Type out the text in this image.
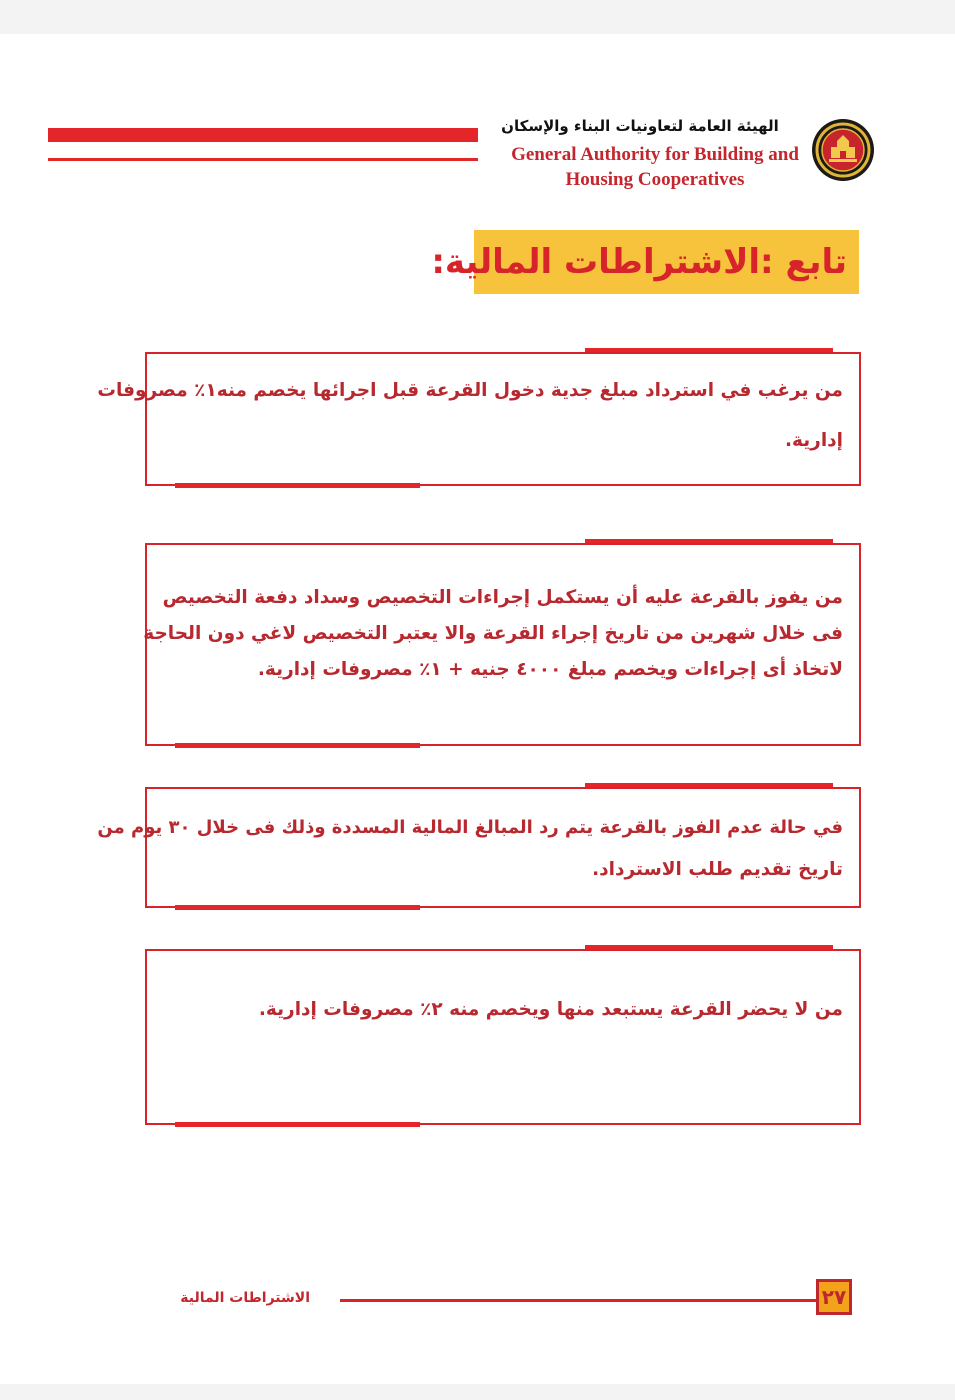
الهيئة العامة لتعاونيات البناء والإسكان
General Authority for Building and
Housing Cooperatives
تابع :الاشتراطات المالية:
من يرغب في استرداد مبلغ جدية دخول القرعة قبل اجرائها يخصم منه١٪ مصروفات
إدارية.
من يفوز بالقرعة عليه أن يستكمل إجراءات التخصيص وسداد دفعة التخصيص
فى خلال شهرين من تاريخ إجراء القرعة والا يعتبر التخصيص لاغي دون الحاجة
لاتخاذ أى إجراءات ويخصم مبلغ ٤٠٠٠ جنيه + ١٪ مصروفات إدارية.
في حالة عدم الفوز بالقرعة يتم رد المبالغ المالية المسددة وذلك فى خلال ٣٠ يوم من
تاريخ تقديم طلب الاسترداد.
من لا يحضر القرعة يستبعد منها ويخصم منه ٢٪ مصروفات إدارية.
الاشتراطات المالية	٢٧
